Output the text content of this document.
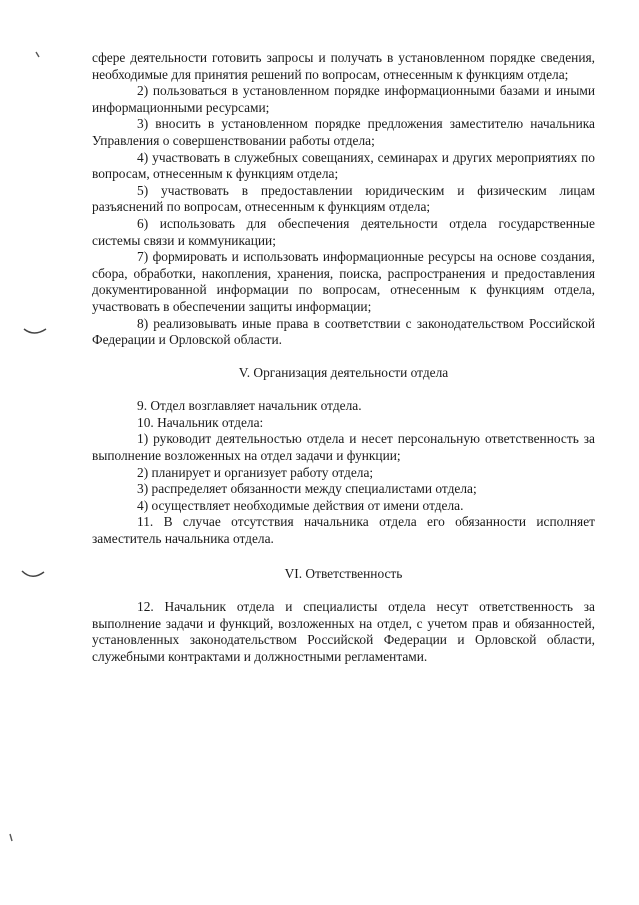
сфере деятельности готовить запросы и получать в установленном порядке сведения, необходимые для принятия решений по вопросам, отнесенным к функциям отдела;

2) пользоваться в установленном порядке информационными базами и иными информационными ресурсами;

3) вносить в установленном порядке предложения заместителю начальника Управления о совершенствовании работы отдела;

4) участвовать в служебных совещаниях, семинарах и других мероприятиях по вопросам, отнесенным к функциям отдела;

5) участвовать в предоставлении юридическим и физическим лицам разъяснений по вопросам, отнесенным к функциям отдела;

6) использовать для обеспечения деятельности отдела государственные системы связи и коммуникации;

7) формировать и использовать информационные ресурсы на основе создания, сбора, обработки, накопления, хранения, поиска, распространения и предоставления документированной информации по вопросам, отнесенным к функциям отдела, участвовать в обеспечении защиты информации;

8) реализовывать иные права в соответствии с законодательством Российской Федерации и Орловской области.

V. Организация деятельности отдела

9. Отдел возглавляет начальник отдела.

10. Начальник отдела:

1) руководит деятельностью отдела и несет персональную ответственность за выполнение возложенных на отдел задачи и функции;

2) планирует и организует работу отдела;

3) распределяет обязанности между специалистами отдела;

4) осуществляет необходимые действия от имени отдела.

11. В случае отсутствия начальника отдела его обязанности исполняет заместитель начальника отдела.

VI. Ответственность

12. Начальник отдела и специалисты отдела несут ответственность за выполнение задачи и функций, возложенных на отдел, с учетом прав и обязанностей, установленных законодательством Российской Федерации и Орловской области, служебными контрактами и должностными регламентами.
